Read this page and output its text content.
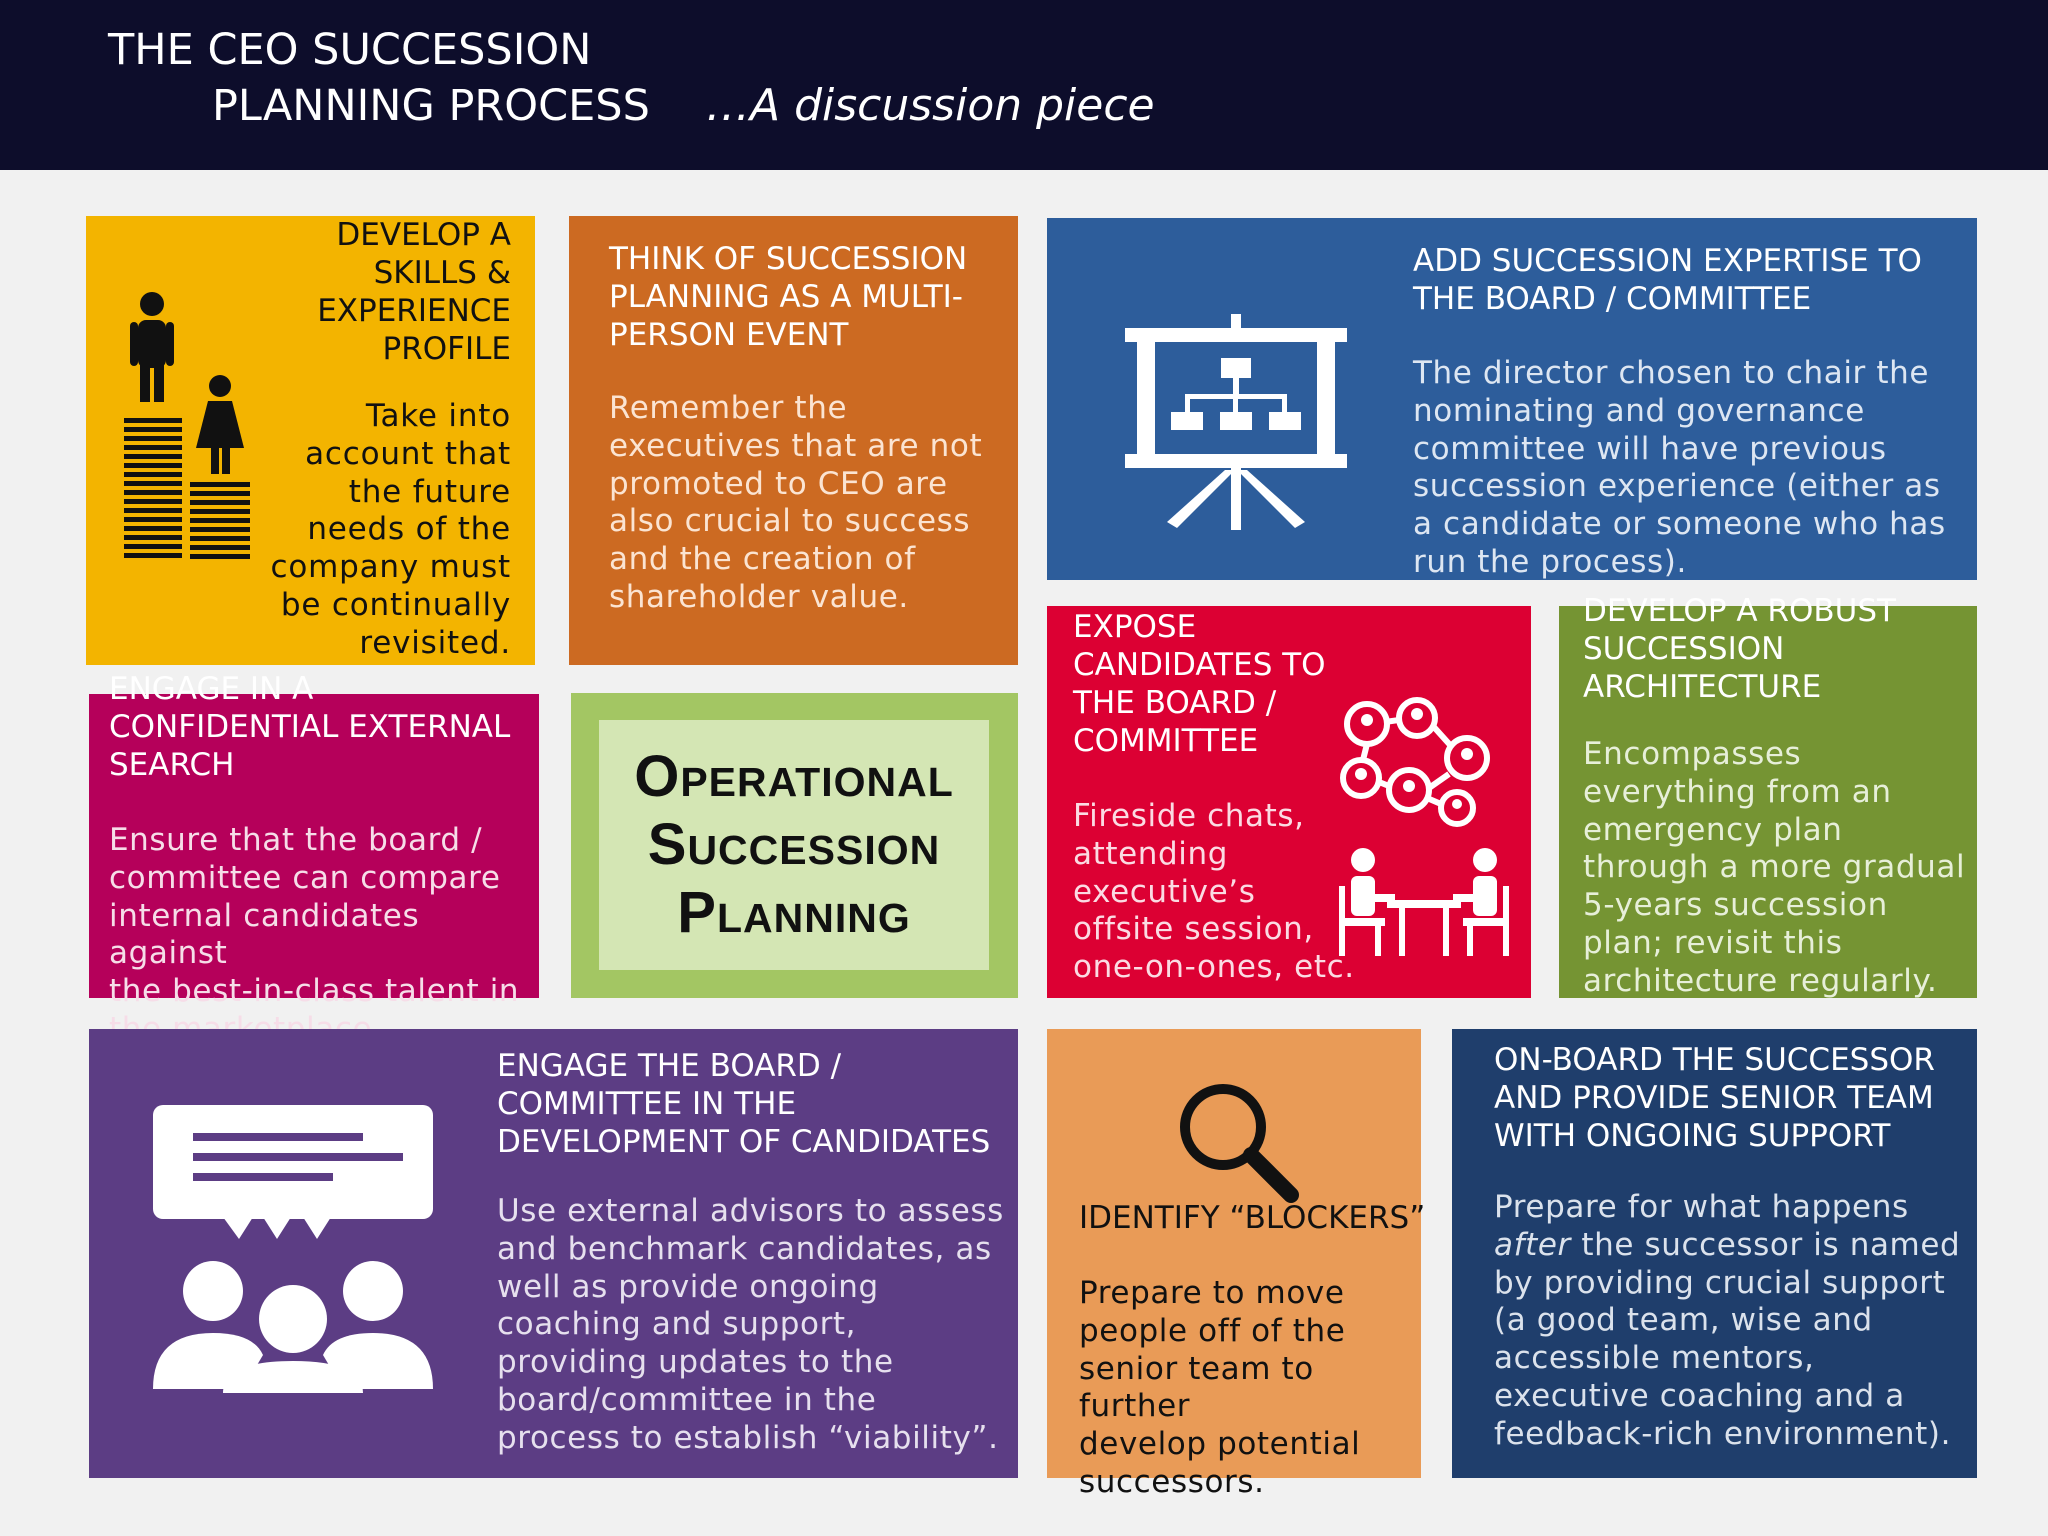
THE CEO SUCCESSION
PLANNING PROCESS …A discussion piece
DEVELOP A
SKILLS &
EXPERIENCE
PROFILE
Take into
account that
the future
needs of the
company must
be continually
revisited.
THINK OF SUCCESSION
PLANNING AS A MULTI-
PERSON EVENT
Remember the
executives that are not
promoted to CEO are
also crucial to success
and the creation of
shareholder value.
ADD SUCCESSION EXPERTISE TO
THE BOARD / COMMITTEE
The director chosen to chair the
nominating and governance
committee will have previous
succession experience (either as
a candidate or someone who has
run the process).
ENGAGE IN A
CONFIDENTIAL EXTERNAL
SEARCH
Ensure that the board /
committee can compare
internal candidates against
the best-in-class talent in
Operational
Succession
Planning
EXPOSE
CANDIDATES TO
THE BOARD /
COMMITTEE
Fireside chats,
attending
executive’s
offsite session,
one-on-ones, etc.
DEVELOP A ROBUST
SUCCESSION
ARCHITECTURE
Encompasses
everything from an
emergency plan
through a more gradual
5-years succession
plan; revisit this
architecture regularly.
ENGAGE THE BOARD /
COMMITTEE IN THE
DEVELOPMENT OF CANDIDATES
Use external advisors to assess
and benchmark candidates, as
well as provide ongoing
coaching and support,
providing updates to the
board/committee in the
process to establish “viability”.
IDENTIFY “BLOCKERS”
Prepare to move
people off of the
senior team to further
develop potential
successors.
ON-BOARD THE SUCCESSOR
AND PROVIDE SENIOR TEAM
WITH ONGOING SUPPORT
Prepare for what happens
after the successor is named
by providing crucial support
(a good team, wise and
accessible mentors,
executive coaching and a
feedback-rich environment).
